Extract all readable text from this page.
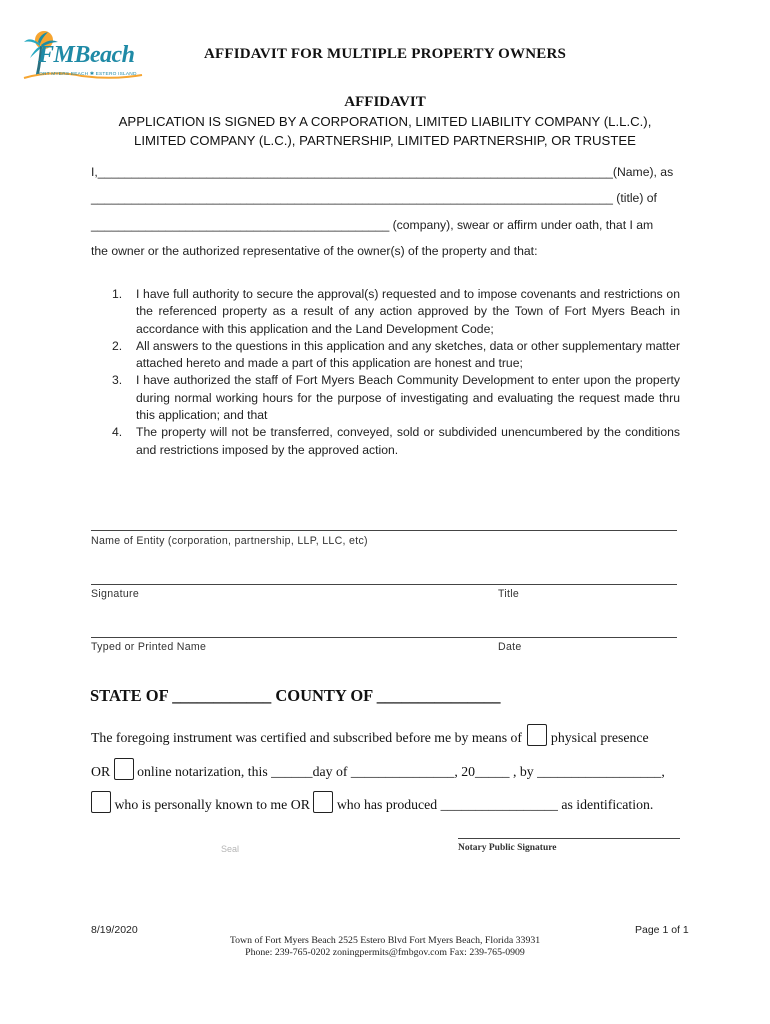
FMBeach
FORT MYERS BEACH ✱ ESTERO ISLAND
AFFIDAVIT FOR MULTIPLE PROPERTY OWNERS
AFFIDAVIT
APPLICATION IS SIGNED BY A CORPORATION, LIMITED LIABILITY COMPANY (L.L.C.), LIMITED COMPANY (L.C.), PARTNERSHIP, LIMITED PARTNERSHIP, OR TRUSTEE
I,____________________________________________________________________________(Name), as
_____________________________________________________________________________ (title) of
____________________________________________ (company), swear or affirm under oath, that I am
the owner or the authorized representative of the owner(s) of the property and that:
1. I have full authority to secure the approval(s) requested and to impose covenants and restrictions on the referenced property as a result of any action approved by the Town of Fort Myers Beach in accordance with this application and the Land Development Code;
2. All answers to the questions in this application and any sketches, data or other supplementary matter attached hereto and made a part of this application are honest and true;
3. I have authorized the staff of Fort Myers Beach Community Development to enter upon the property during normal working hours for the purpose of investigating and evaluating the request made thru this application; and that
4. The property will not be transferred, conveyed, sold or subdivided unencumbered by the conditions and restrictions imposed by the approved action.
Name of Entity (corporation, partnership, LLP, LLC, etc)
Signature	Title
Typed or Printed Name	Date
STATE OF ____________ COUNTY OF _______________
The foregoing instrument was certified and subscribed before me by means of physical presence
OR online notarization, this ______day of _______________, 20_____ , by __________________,
who is personally known to me OR who has produced _________________ as identification.
Seal	Notary Public Signature
8/19/2020	Page 1 of 1
Town of Fort Myers Beach 2525 Estero Blvd Fort Myers Beach, Florida 33931
Phone: 239-765-0202 zoningpermits@fmbgov.com Fax: 239-765-0909
